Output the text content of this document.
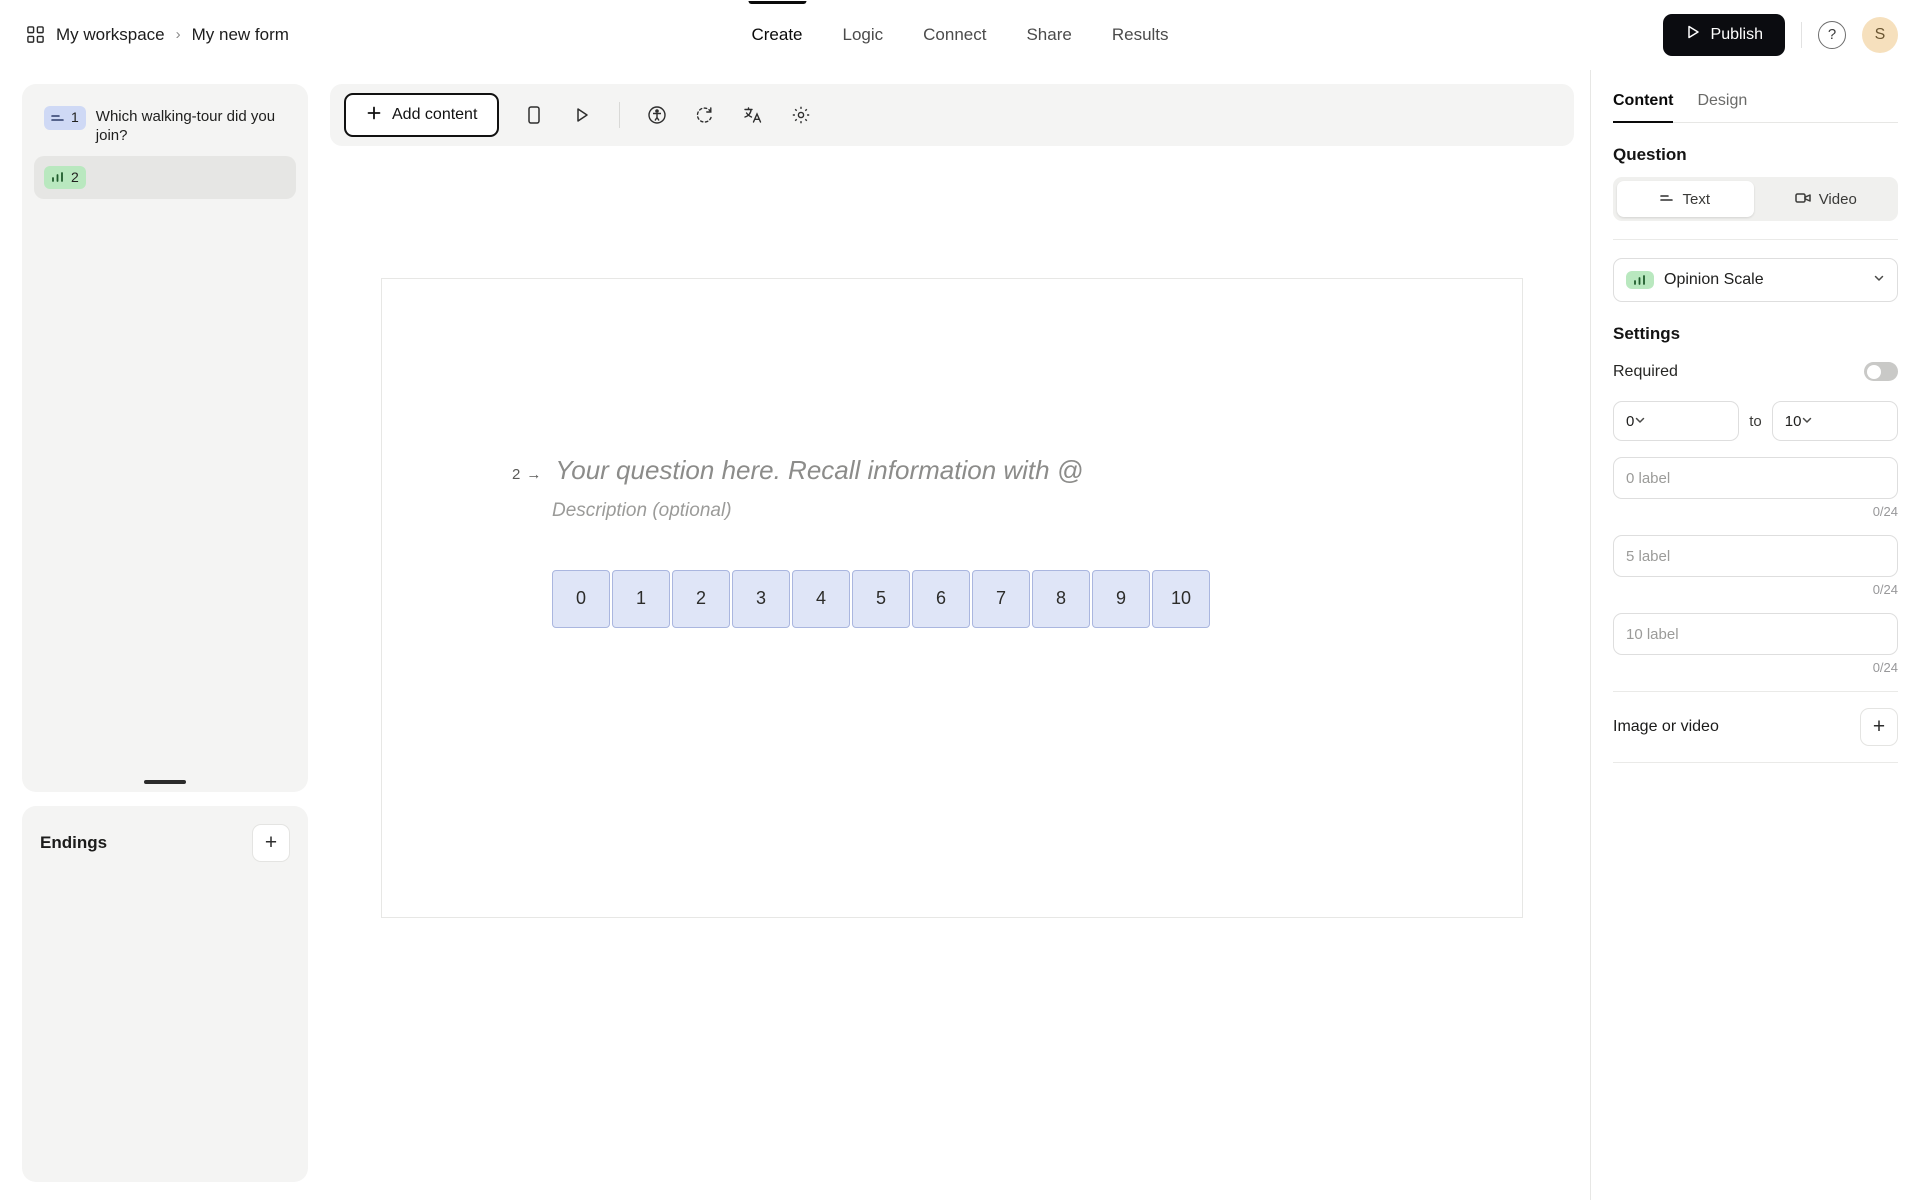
My workspace › My new form	Create Logic Connect Share Results	Publish	?	S
1 Which walking-tour did you join?
2
Endings	+
Add content
2 → Your question here. Recall information with @
Description (optional)
0	1	2	3	4	5	6	7	8	9	10
Content Design
Question
Text	Video
Opinion Scale
Settings
Required
0	to 10
0 label
0/24
5 label
0/24
10 label
0/24
Image or video	+
